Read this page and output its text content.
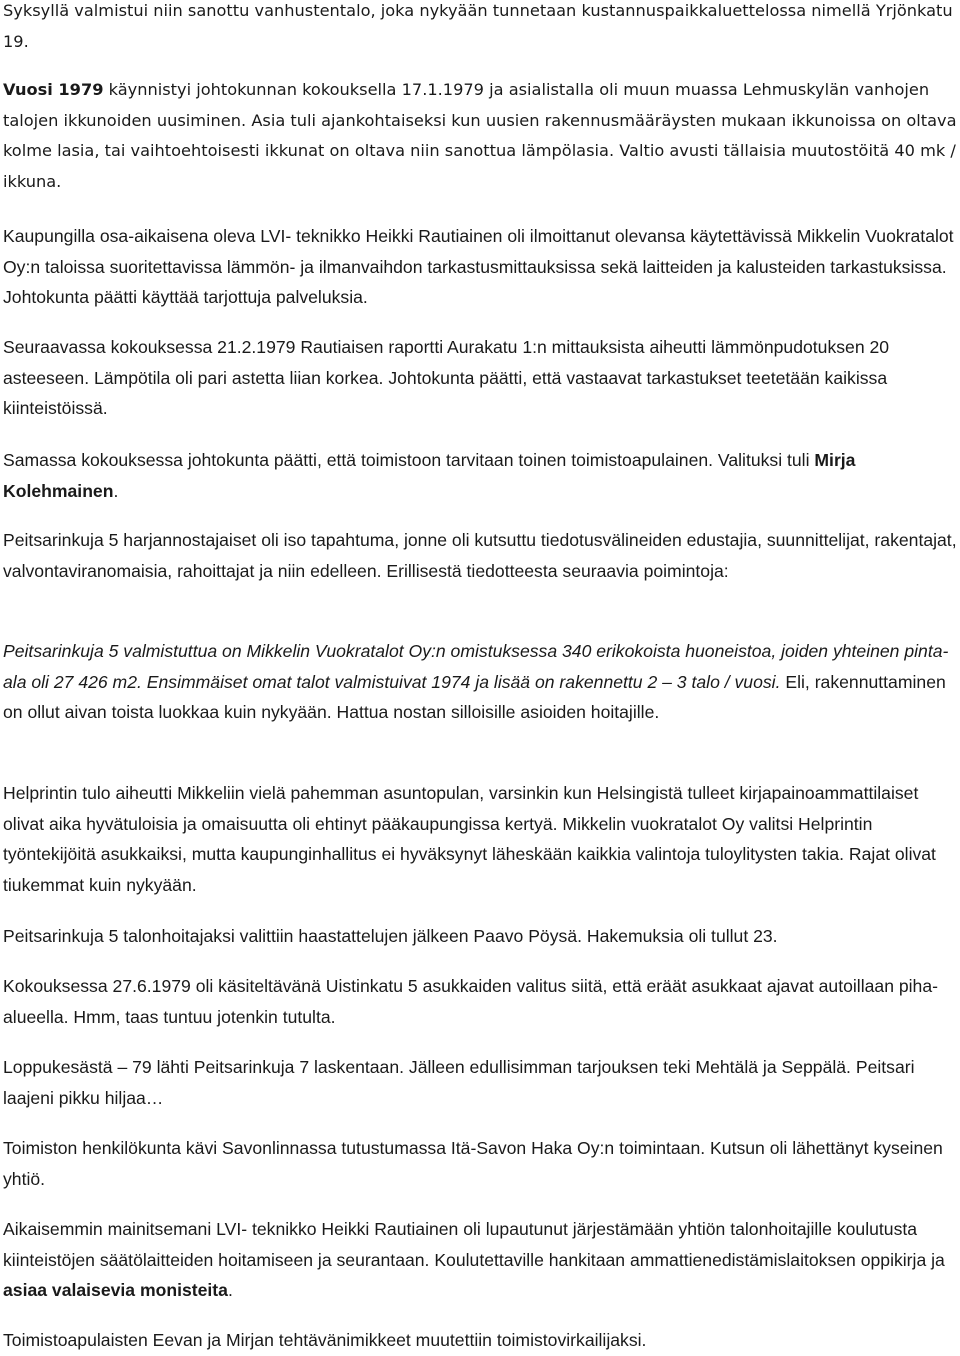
Syksyllä valmistui niin sanottu vanhustentalo, joka nykyään tunnetaan kustannuspaikkaluettelossa nimellä Yrjönkatu 19.

Vuosi 1979 käynnistyi johtokunnan kokouksella 17.1.1979 ja asialistalla oli muun muassa Lehmuskylän vanhojen talojen ikkunoiden uusiminen. Asia tuli ajankohtaiseksi kun uusien rakennusmääräysten mukaan ikkunoissa on oltava kolme lasia, tai vaihtoehtoisesti ikkunat on oltava niin sanottua lämpölasia. Valtio avusti tällaisia muutostöitä 40 mk / ikkuna.

Kaupungilla osa-aikaisena oleva LVI- teknikko Heikki Rautiainen oli ilmoittanut olevansa käytettävissä Mikkelin Vuokratalot Oy:n taloissa suoritettavissa lämmön- ja ilmanvaihdon tarkastusmittauksissa sekä laitteiden ja kalusteiden tarkastuksissa. Johtokunta päätti käyttää tarjottuja palveluksia.

Seuraavassa kokouksessa 21.2.1979 Rautiaisen raportti Aurakatu 1:n mittauksista aiheutti lämmönpudotuksen 20 asteeseen. Lämpötila oli pari astetta liian korkea. Johtokunta päätti, että vastaavat tarkastukset teetetään kaikissa kiinteistöissä.

Samassa kokouksessa johtokunta päätti, että toimistoon tarvitaan toinen toimistoapulainen. Valituksi tuli Mirja Kolehmainen.

Peitsarinkuja 5 harjannostajaiset oli iso tapahtuma, jonne oli kutsuttu tiedotusvälineiden edustajia, suunnittelijat, rakentajat, valvontaviranomaisia, rahoittajat ja niin edelleen. Erillisestä tiedotteesta seuraavia poimintoja:

Peitsarinkuja 5 valmistuttua on Mikkelin Vuokratalot Oy:n omistuksessa 340 erikokoista huoneistoa, joiden yhteinen pinta-ala oli 27 426 m2. Ensimmäiset omat talot valmistuivat 1974 ja lisää on rakennettu 2 – 3 talo / vuosi. Eli, rakennuttaminen on ollut aivan toista luokkaa kuin nykyään. Hattua nostan silloisille asioiden hoitajille.

Helprintin tulo aiheutti Mikkeliin vielä pahemman asuntopulan, varsinkin kun Helsingistä tulleet kirjapainoammattilaiset olivat aika hyvätuloisia ja omaisuutta oli ehtinyt pääkaupungissa kertyä. Mikkelin vuokratalot Oy valitsi Helprintin työntekijöitä asukkaiksi, mutta kaupunginhallitus ei hyväksynyt läheskään kaikkia valintoja tuloylitysten takia. Rajat olivat tiukemmat kuin nykyään.

Peitsarinkuja 5 talonhoitajaksi valittiin haastattelujen jälkeen Paavo Pöysä. Hakemuksia oli tullut 23.

Kokouksessa 27.6.1979 oli käsiteltävänä Uistinkatu 5 asukkaiden valitus siitä, että eräät asukkaat ajavat autoillaan piha-alueella. Hmm, taas tuntuu jotenkin tutulta.

Loppukesästä – 79 lähti Peitsarinkuja 7 laskentaan. Jälleen edullisimman tarjouksen teki Mehtälä ja Seppälä. Peitsari laajeni pikku hiljaa…

Toimiston henkilökunta kävi Savonlinnassa tutustumassa Itä-Savon Haka Oy:n toimintaan. Kutsun oli lähettänyt kyseinen yhtiö.

Aikaisemmin mainitsemani LVI- teknikko Heikki Rautiainen oli lupautunut järjestämään yhtiön talonhoitajille koulutusta kiinteistöjen säätölaitteiden hoitamiseen ja seurantaan. Koulutettaville hankitaan ammattienedistämislaitoksen oppikirja ja asiaa valaisevia monisteita.

Toimistoapulaisten Eevan ja Mirjan tehtävänimikkeet muutettiin toimistovirkailijaksi.
